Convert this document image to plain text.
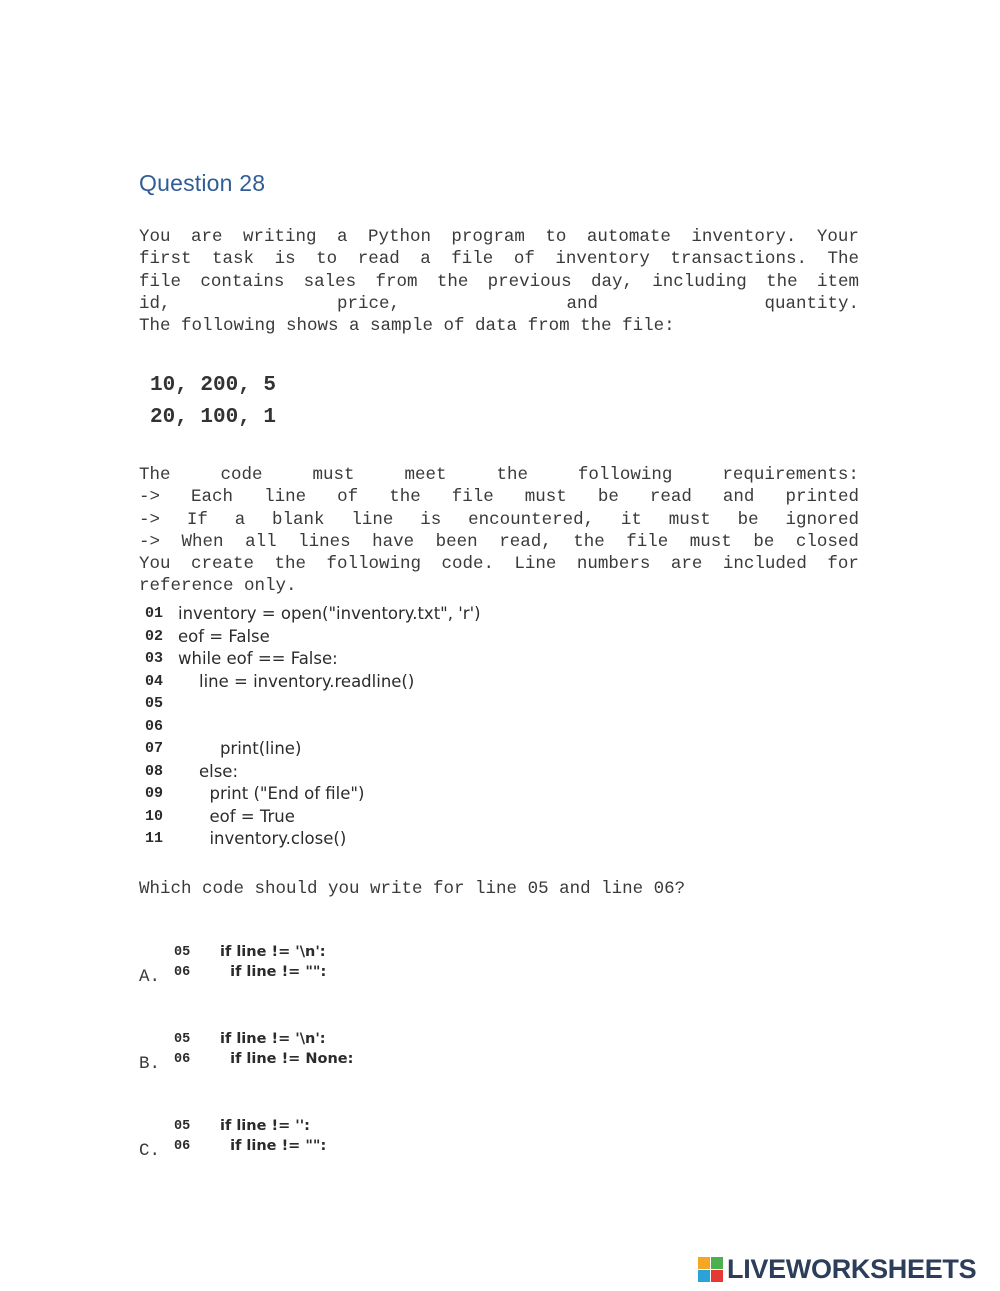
Question 28
You are writing a Python program to automate inventory. Your
first task is to read a file of inventory transactions. The
file contains sales from the previous day, including the item
id,	price,	and	quantity.
The following shows a sample of data from the file:
10, 200, 5
20, 100, 1
The	code	must	meet	the	following	requirements:
-> Each line of the file must be read and printed
-> If a blank line is encountered, it must be ignored
-> When all lines have been read, the file must be closed
You create the following code. Line numbers are included for
reference only.
01 inventory = open("inventory.txt", 'r')
02 eof = False
03 while eof == False:
04 line = inventory.readline()
05
06
07 print(line)
08 else:
09 print ("End of file")
10 eof = True
11 inventory.close()
Which code should you write for line 05 and line 06?
05	if line != '\n':
06	if line != "":
A.
05	if line != '\n':
06	if line != None:
B.
05	if line != '':
06	if line != "":
C.
LIVEWORKSHEETS
